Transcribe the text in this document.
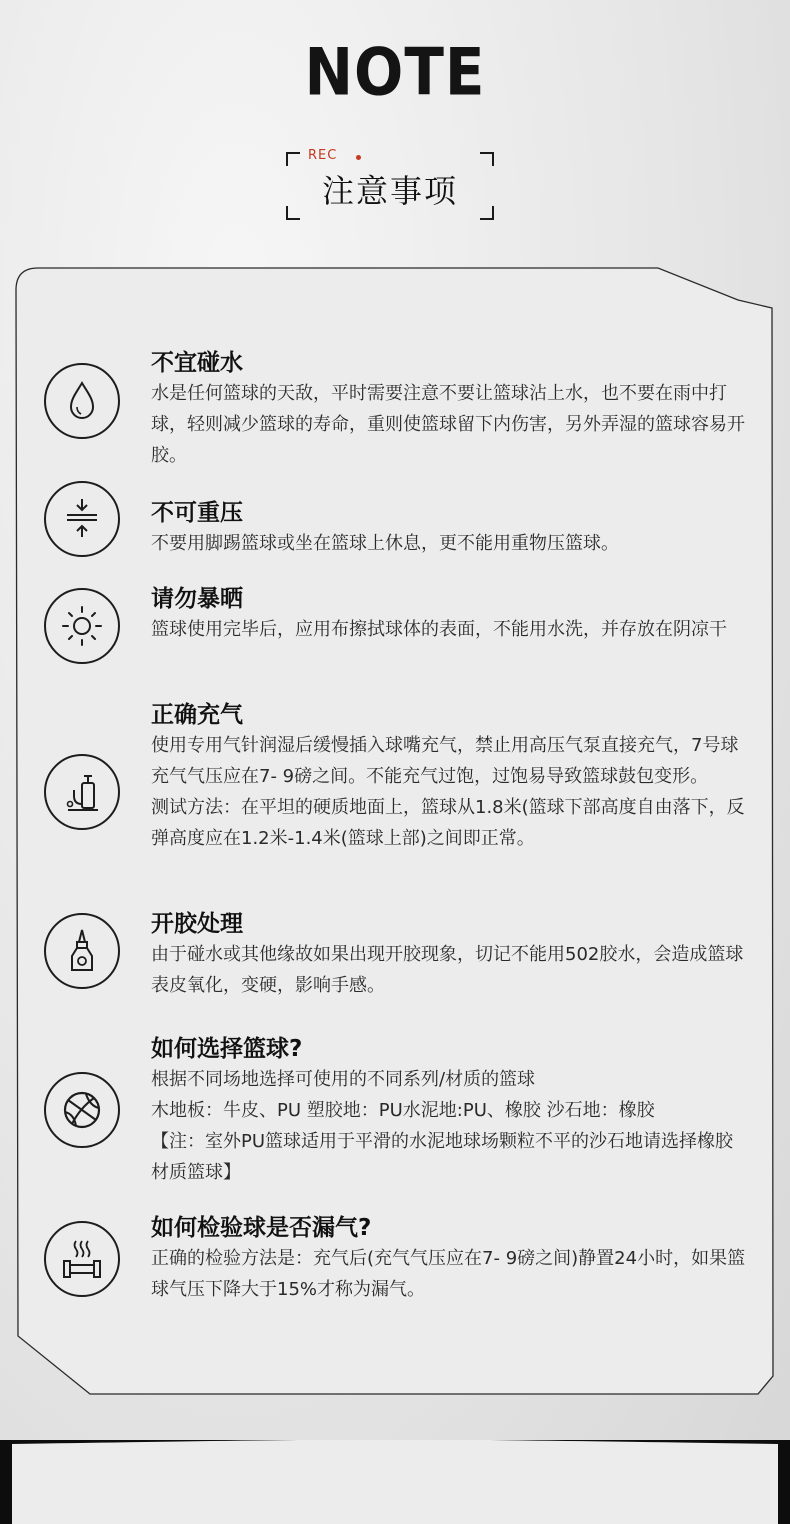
NOTE
REC
注意事项
不宜碰水

水是任何篮球的天敌，平时需要注意不要让篮球沾上水，也不要在雨中打球，轻则减少篮球的寿命，重则使篮球留下内伤害，另外弄湿的篮球容易开胶。

不可重压

不要用脚踢篮球或坐在篮球上休息，更不能用重物压篮球。

请勿暴晒

篮球使用完毕后，应用布擦拭球体的表面，不能用水洗，并存放在阴凉干

正确充气

使用专用气针润湿后缓慢插入球嘴充气，禁止用高压气泵直接充气，7号球充气气压应在7- 9磅之间。不能充气过饱，过饱易导致篮球鼓包变形。

测试方法：在平坦的硬质地面上，篮球从1.8米(篮球下部高度自由落下，反弹高度应在1.2米-1.4米(篮球上部)之间即正常。

开胶处理

由于碰水或其他缘故如果出现开胶现象，切记不能用502胶水，会造成篮球表皮氧化，变硬，影响手感。

如何选择篮球?

根据不同场地选择可使用的不同系列/材质的篮球

木地板：牛皮、PU 塑胶地：PU水泥地:PU、橡胶 沙石地：橡胶

【注：室外PU篮球适用于平滑的水泥地球场颗粒不平的沙石地请选择橡胶材质篮球】

如何检验球是否漏气?

正确的检验方法是：充气后(充气气压应在7- 9磅之间)静置24小时，如果篮球气压下降大于15%才称为漏气。
